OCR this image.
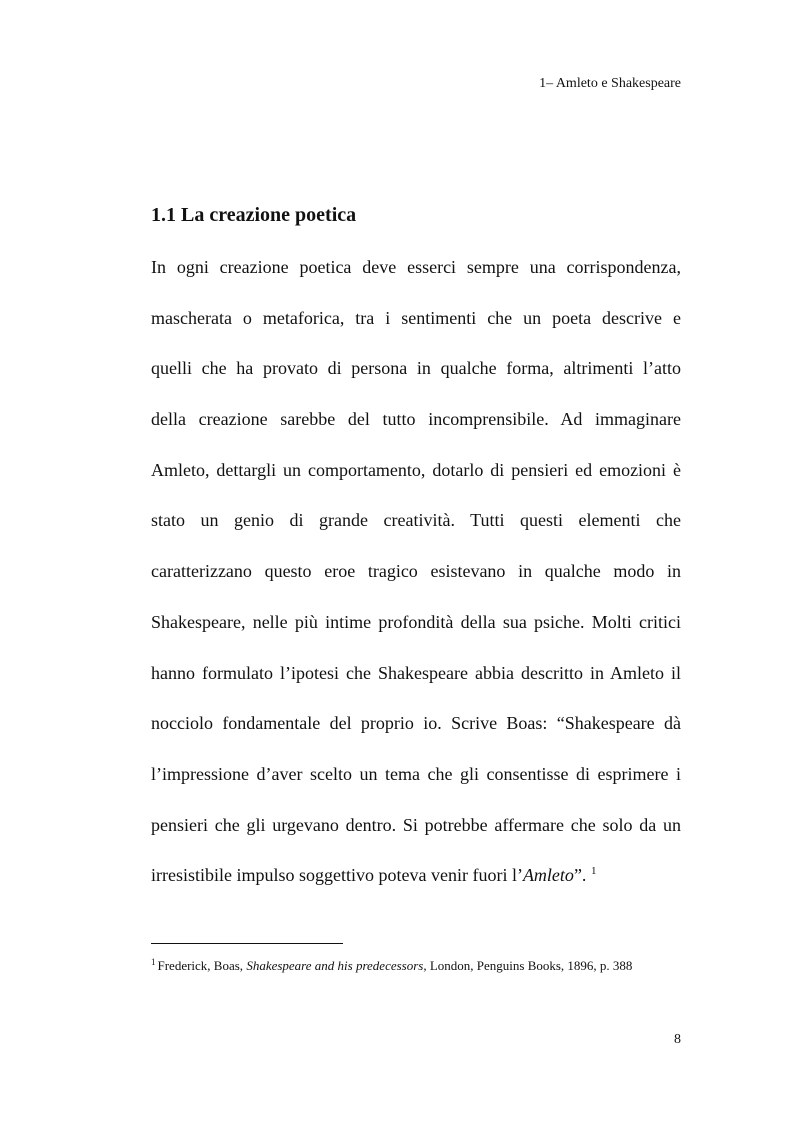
1– Amleto e Shakespeare
1.1 La creazione poetica
In ogni creazione poetica deve esserci sempre una corrispondenza,
mascherata o metaforica, tra i sentimenti che un poeta descrive e
quelli che ha provato di persona in qualche forma, altrimenti l’atto
della creazione sarebbe del tutto incomprensibile. Ad immaginare
Amleto, dettargli un comportamento, dotarlo di pensieri ed emozioni è
stato un genio di grande creatività. Tutti questi elementi che
caratterizzano questo eroe tragico esistevano in qualche modo in
Shakespeare, nelle più intime profondità della sua psiche. Molti critici
hanno formulato l’ipotesi che Shakespeare abbia descritto in Amleto il
nocciolo fondamentale del proprio io. Scrive Boas: “Shakespeare dà
l’impressione d’aver scelto un tema che gli consentisse di esprimere i
pensieri che gli urgevano dentro. Si potrebbe affermare che solo da un
irresistibile impulso soggettivo poteva venir fuori l’Amleto”. $^1$
$^1$ Frederick, Boas, Shakespeare and his predecessors, London, Penguins Books, 1896, p. 388
8
